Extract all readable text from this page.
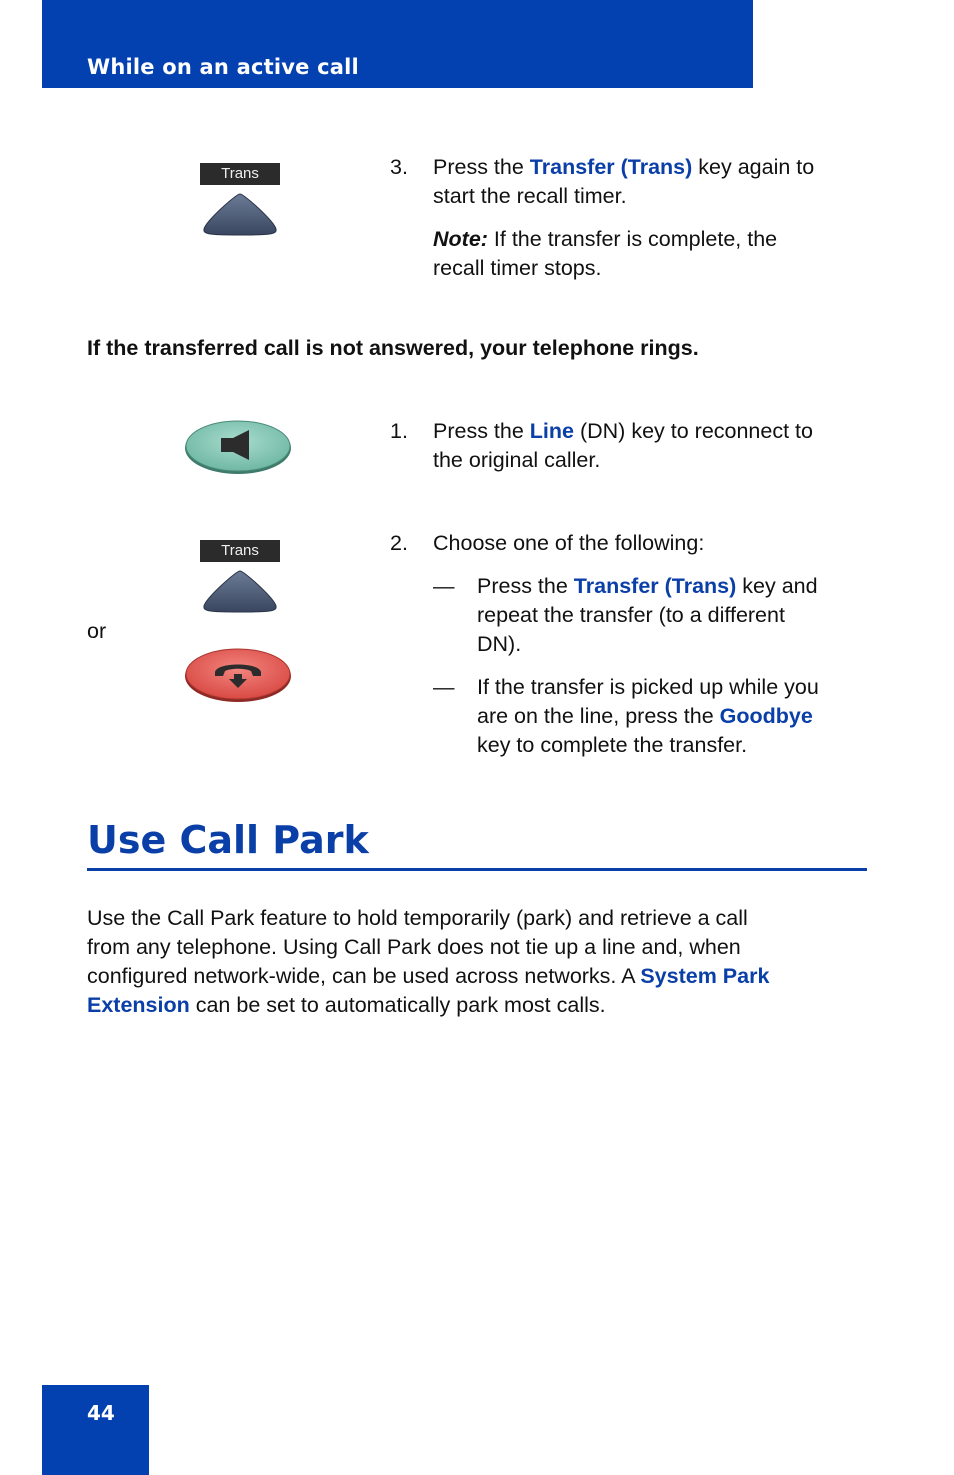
While on an active call
Trans	3. Press the Transfer (Trans) key again to
start the recall timer.
Note: If the transfer is complete, the
recall timer stops.
If the transferred call is not answered, your telephone rings.
1. Press the Line (DN) key to reconnect to
the original caller.
Trans
or
2. Choose one of the following:
— Press the Transfer (Trans) key and
repeat the transfer (to a different
DN).
— If the transfer is picked up while you
are on the line, press the Goodbye
key to complete the transfer.
Use Call Park
Use the Call Park feature to hold temporarily (park) and retrieve a call
from any telephone. Using Call Park does not tie up a line and, when
configured network-wide, can be used across networks. A System Park
Extension can be set to automatically park most calls.
44
